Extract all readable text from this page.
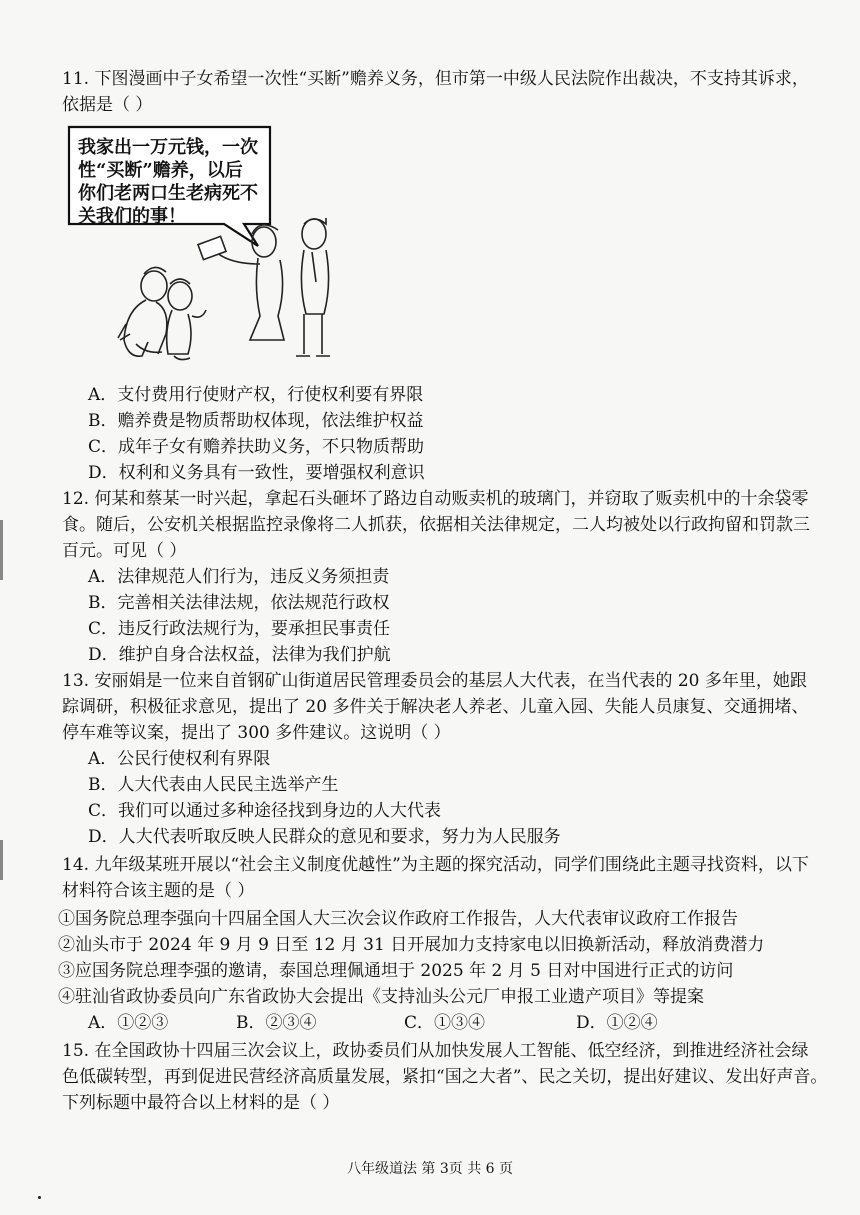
11. 下图漫画中子女希望一次性“买断”赡养义务，但市第一中级人民法院作出裁决，不支持其诉求，
依据是（ ）
我家出一万元钱，一次
性“买断”赡养，以后
你们老两口生老病死不
关我们的事！
A．支付费用行使财产权，行使权利要有界限
B．赡养费是物质帮助权体现，依法维护权益
C．成年子女有赡养扶助义务，不只物质帮助
D．权利和义务具有一致性，要增强权利意识
12. 何某和蔡某一时兴起，拿起石头砸坏了路边自动贩卖机的玻璃门，并窃取了贩卖机中的十余袋零
食。随后，公安机关根据监控录像将二人抓获，依据相关法律规定，二人均被处以行政拘留和罚款三
百元。可见（ ）
A．法律规范人们行为，违反义务须担责
B．完善相关法律法规，依法规范行政权
C．违反行政法规行为，要承担民事责任
D．维护自身合法权益，法律为我们护航
13. 安丽娟是一位来自首钢矿山街道居民管理委员会的基层人大代表，在当代表的 20 多年里，她跟
踪调研，积极征求意见，提出了 20 多件关于解决老人养老、儿童入园、失能人员康复、交通拥堵、
停车难等议案，提出了 300 多件建议。这说明（ ）
A．公民行使权利有界限
B．人大代表由人民民主选举产生
C．我们可以通过多种途径找到身边的人大代表
D．人大代表听取反映人民群众的意见和要求，努力为人民服务
14. 九年级某班开展以“社会主义制度优越性”为主题的探究活动，同学们围绕此主题寻找资料，以下
材料符合该主题的是（ ）
①国务院总理李强向十四届全国人大三次会议作政府工作报告，人大代表审议政府工作报告
②汕头市于 2024 年 9 月 9 日至 12 月 31 日开展加力支持家电以旧换新活动，释放消费潜力
③应国务院总理李强的邀请，泰国总理佩通坦于 2025 年 2 月 5 日对中国进行正式的访问
④驻汕省政协委员向广东省政协大会提出《支持汕头公元厂申报工业遗产项目》等提案
A．①②③	B．②③④	C．①③④	D．①②④
15. 在全国政协十四届三次会议上，政协委员们从加快发展人工智能、低空经济，到推进经济社会绿
色低碳转型，再到促进民营经济高质量发展，紧扣“国之大者”、民之关切，提出好建议、发出好声音。
下列标题中最符合以上材料的是（ ）
八年级道法 第 3页 共 6 页
